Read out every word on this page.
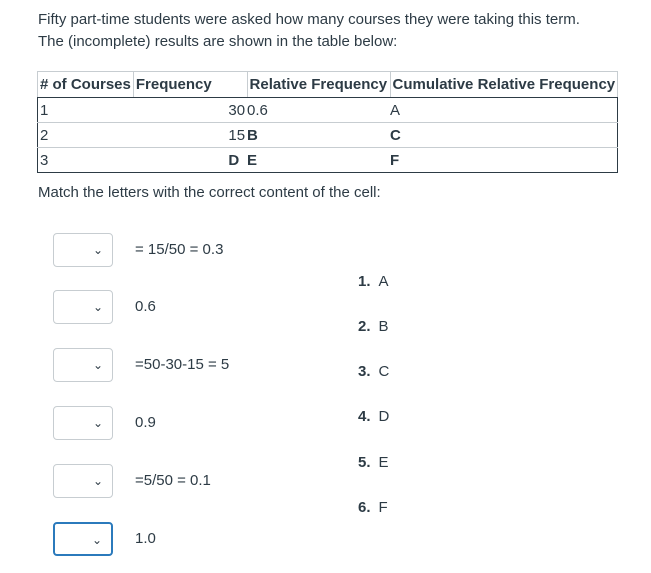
Fifty part-time students were asked how many courses they were taking this term.

The (incomplete) results are shown in the table below:

# of Courses	Frequency	Relative Frequency	Cumulative Relative Frequency
1	30	0.6	A
2	15	B	C
3	D	E	F
Match the letters with the correct content of the cell:
⌄ = 15/50 = 0.3
⌄ 0.6
⌄ =50-30-15 = 5
⌄ 0.9
⌄ =5/50 = 0.1
⌄ 1.0
1. A
2. B
3. C
4. D
5. E
6. F
